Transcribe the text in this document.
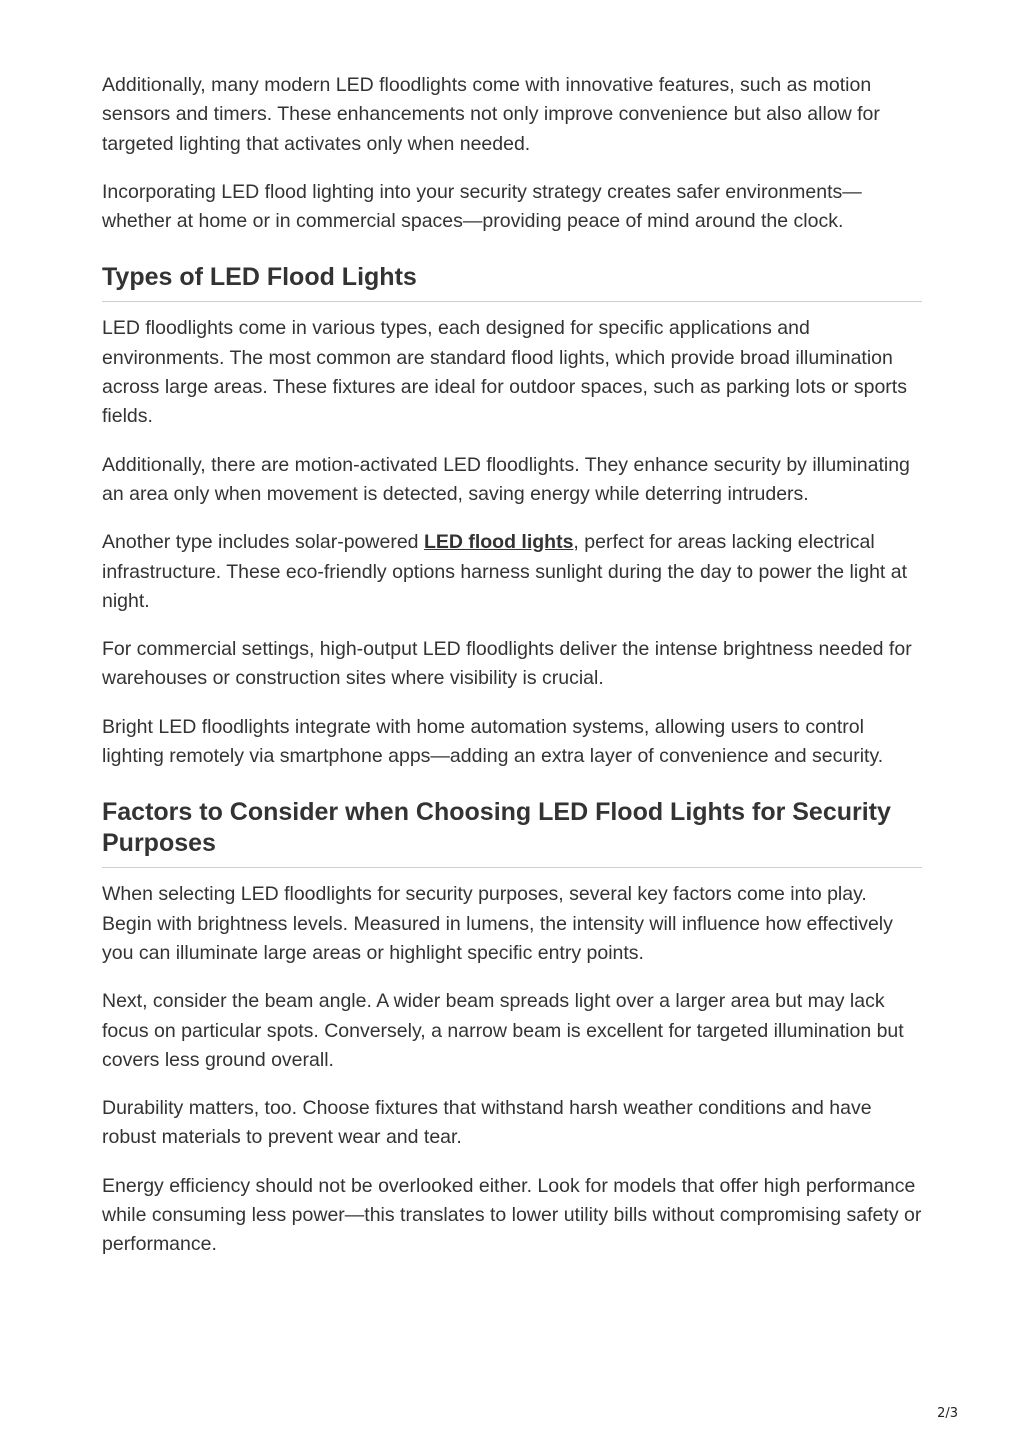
Additionally, many modern LED floodlights come with innovative features, such as motion sensors and timers. These enhancements not only improve convenience but also allow for targeted lighting that activates only when needed.

Incorporating LED flood lighting into your security strategy creates safer environments—whether at home or in commercial spaces—providing peace of mind around the clock.

Types of LED Flood Lights

LED floodlights come in various types, each designed for specific applications and environments. The most common are standard flood lights, which provide broad illumination across large areas. These fixtures are ideal for outdoor spaces, such as parking lots or sports fields.

Additionally, there are motion-activated LED floodlights. They enhance security by illuminating an area only when movement is detected, saving energy while deterring intruders.

Another type includes solar-powered LED flood lights, perfect for areas lacking electrical infrastructure. These eco-friendly options harness sunlight during the day to power the light at night.

For commercial settings, high-output LED floodlights deliver the intense brightness needed for warehouses or construction sites where visibility is crucial.

Bright LED floodlights integrate with home automation systems, allowing users to control lighting remotely via smartphone apps—adding an extra layer of convenience and security.

Factors to Consider when Choosing LED Flood Lights for Security Purposes

When selecting LED floodlights for security purposes, several key factors come into play. Begin with brightness levels. Measured in lumens, the intensity will influence how effectively you can illuminate large areas or highlight specific entry points.

Next, consider the beam angle. A wider beam spreads light over a larger area but may lack focus on particular spots. Conversely, a narrow beam is excellent for targeted illumination but covers less ground overall.

Durability matters, too. Choose fixtures that withstand harsh weather conditions and have robust materials to prevent wear and tear.

Energy efficiency should not be overlooked either. Look for models that offer high performance while consuming less power—this translates to lower utility bills without compromising safety or performance.

2/3
